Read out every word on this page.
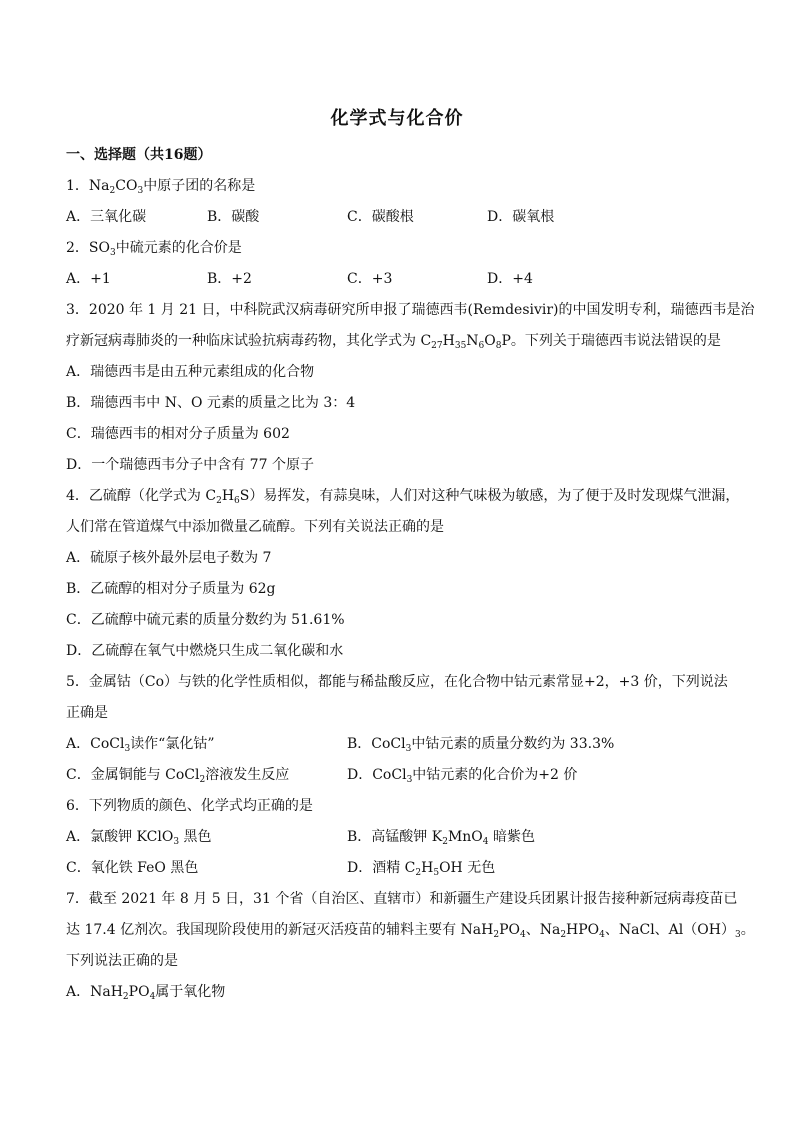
化学式与化合价
一、选择题（共16题）
1．$Na_2CO_3$中原子团的名称是
A．三氧化碳	B．碳酸	C．碳酸根	D．碳氧根
2．$SO_3$中硫元素的化合价是
A．+1	B．+2	C．+3	D．+4
3．2020 年 1 月 21 日，中科院武汉病毒研究所申报了瑞德西韦(Remdesivir)的中国发明专利，瑞德西韦是治
疗新冠病毒肺炎的一种临床试验抗病毒药物，其化学式为 $C_{27}H_{35}N_6O_8P$。下列关于瑞德西韦说法错误的是
A．瑞德西韦是由五种元素组成的化合物
B．瑞德西韦中 N、O 元素的质量之比为 3：4
C．瑞德西韦的相对分子质量为 602
D．一个瑞德西韦分子中含有 77 个原子
4．乙硫醇（化学式为 $C_2H_6S$）易挥发，有蒜臭味，人们对这种气味极为敏感，为了便于及时发现煤气泄漏，
人们常在管道煤气中添加微量乙硫醇。下列有关说法正确的是
A．硫原子核外最外层电子数为 7
B．乙硫醇的相对分子质量为 62g
C．乙硫醇中硫元素的质量分数约为 51.61%
D．乙硫醇在氧气中燃烧只生成二氧化碳和水
5．金属钴（Co）与铁的化学性质相似，都能与稀盐酸反应，在化合物中钴元素常显+2，+3 价，下列说法
正确是
A．CoCl$_3$读作“氯化钴”	B．CoCl$_3$中钴元素的质量分数约为 33.3%
C．金属铜能与 CoCl$_2$溶液发生反应	D．CoCl$_3$中钴元素的化合价为+2 价
6．下列物质的颜色、化学式均正确的是
A．氯酸钾 KClO$_3$ 黑色	B．高锰酸钾 $K_2MnO_4$ 暗紫色
C．氧化铁 FeO 黑色	D．酒精 $C_2H_5OH$ 无色
7．截至 2021 年 8 月 5 日，31 个省（自治区、直辖市）和新疆生产建设兵团累计报告接种新冠病毒疫苗已
达 17.4 亿剂次。我国现阶段使用的新冠灭活疫苗的辅料主要有 $NaH_2PO_4$、$Na_2HPO_4$、NaCl、$Al(OH)_3$。
下列说法正确的是
A．$NaH_2PO_4$属于氧化物
